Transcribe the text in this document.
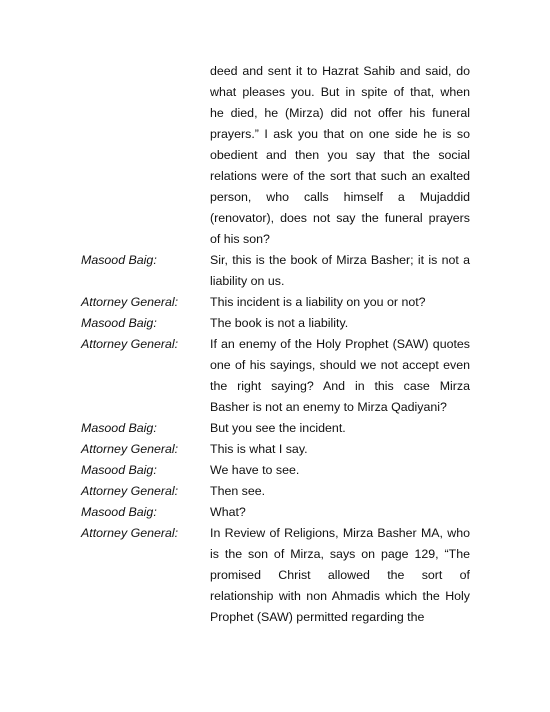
deed and sent it to Hazrat Sahib and said, do
what pleases you. But in spite of that, when
he died, he (Mirza) did not offer his funeral
prayers.” I ask you that on one side he is so
obedient and then you say that the social
relations were of the sort that such an exalted
person, who calls himself a Mujaddid
(renovator), does not say the funeral prayers
of his son?
Masood Baig:	Sir, this is the book of Mirza Basher; it is not a
liability on us.
Attorney General:	This incident is a liability on you or not?
Masood Baig:	The book is not a liability.
Attorney General:	If an enemy of the Holy Prophet (SAW) quotes
one of his sayings, should we not accept even
the right saying? And in this case Mirza
Basher is not an enemy to Mirza Qadiyani?
Masood Baig:	But you see the incident.
Attorney General:	This is what I say.
Masood Baig:	We have to see.
Attorney General:	Then see.
Masood Baig:	What?
Attorney General:	In Review of Religions, Mirza Basher MA, who
is the son of Mirza, says on page 129, “The
promised Christ allowed the sort of
relationship with non Ahmadis which the Holy
Prophet (SAW) permitted regarding the
